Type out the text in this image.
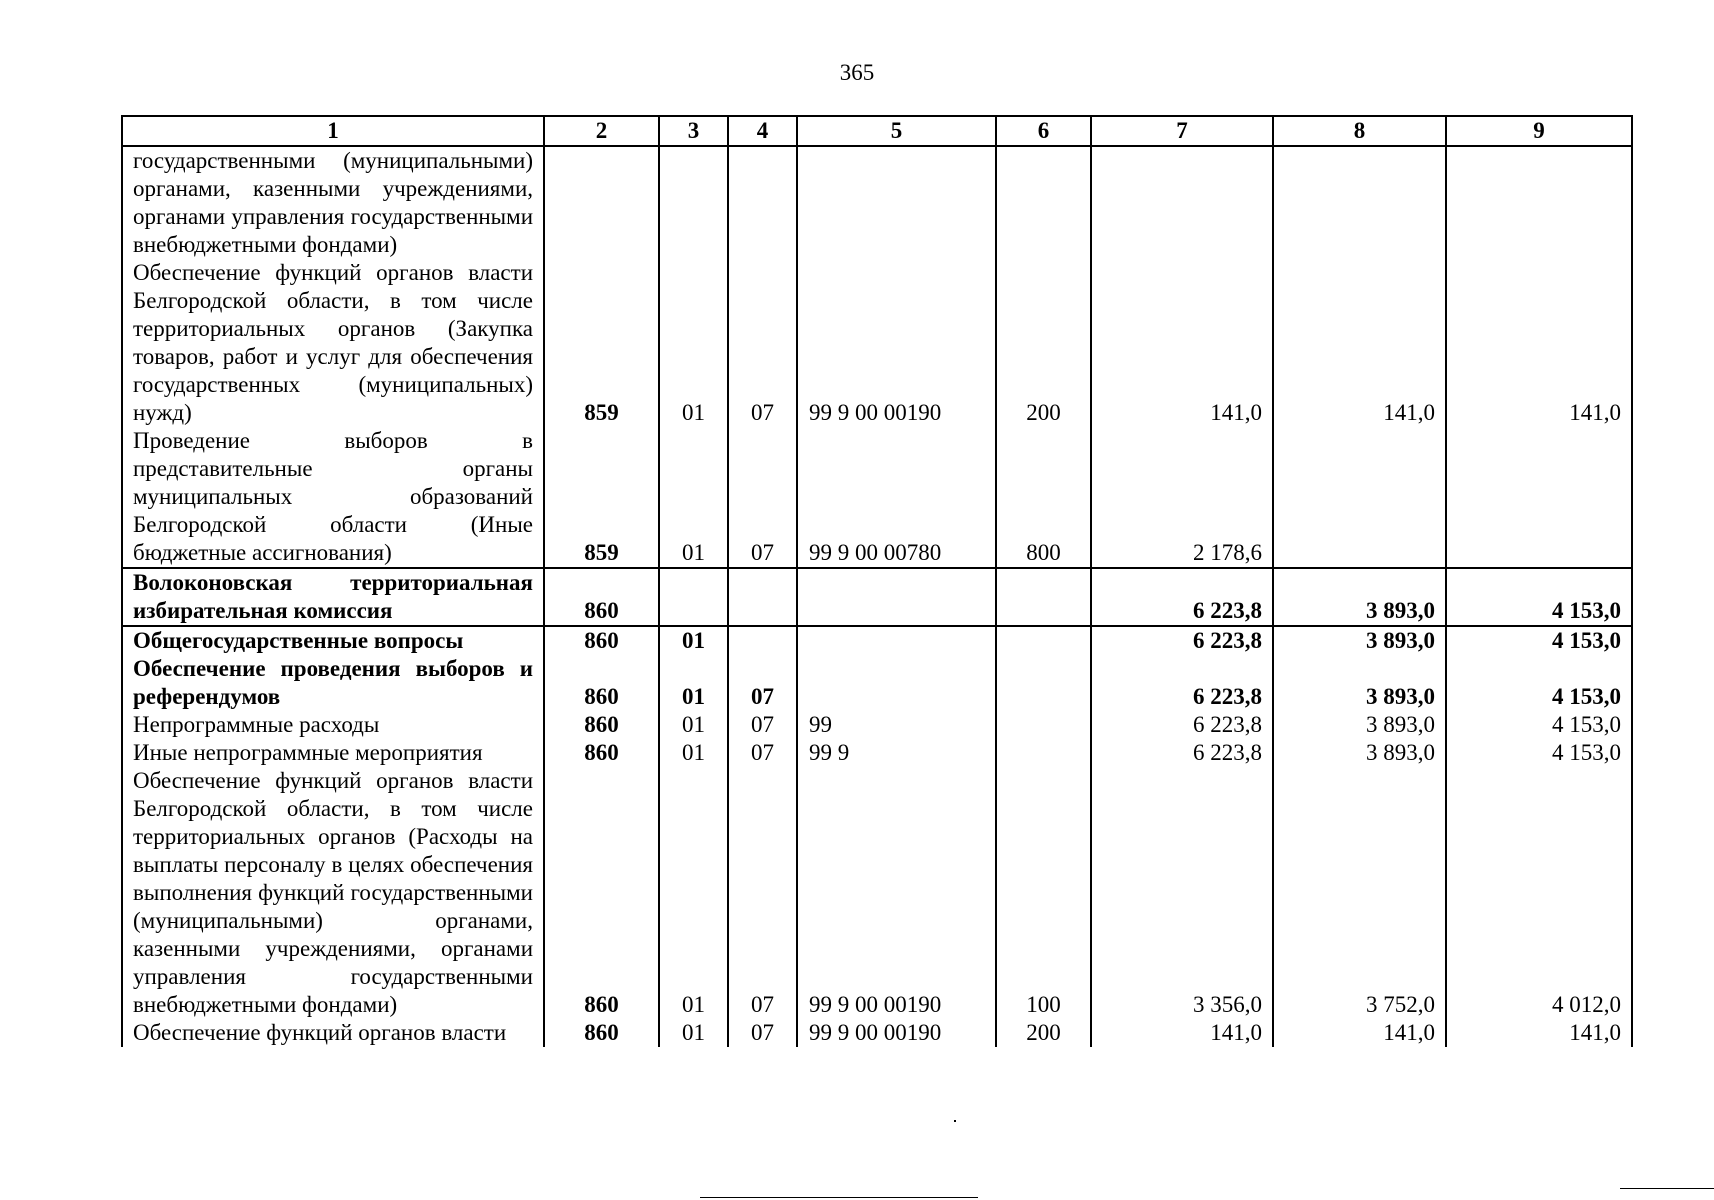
365
1	2	3	4	5	6	7	8	9
государственными (муниципальными) органами, казенными учреждениями, органами управления государственными внебюджетными фондами)								
Обеспечение функций органов власти Белгородской области, в том числе территориальных органов (Закупка товаров, работ и услуг для обеспечения государственных (муниципальных) нужд)	859	01	07	99 9 00 00190	200	141,0	141,0	141,0
Проведение выборов в представительные органы муниципальных образований Белгородской области (Иные бюджетные ассигнования)	859	01	07	99 9 00 00780	800	2 178,6		
Волоконовская территориальная избирательная комиссия	860					6 223,8	3 893,0	4 153,0
Общегосударственные вопросы	860	01				6 223,8	3 893,0	4 153,0
Обеспечение проведения выборов и референдумов	860	01	07			6 223,8	3 893,0	4 153,0
Непрограммные расходы	860	01	07	99		6 223,8	3 893,0	4 153,0
Иные непрограммные мероприятия	860	01	07	99 9		6 223,8	3 893,0	4 153,0
Обеспечение функций органов власти Белгородской области, в том числе территориальных органов (Расходы на выплаты персоналу в целях обеспечения выполнения функций государственными (муниципальными) органами, казенными учреждениями, органами управления государственными внебюджетными фондами)	860	01	07	99 9 00 00190	100	3 356,0	3 752,0	4 012,0
Обеспечение функций органов власти	860	01	07	99 9 00 00190	200	141,0	141,0	141,0
